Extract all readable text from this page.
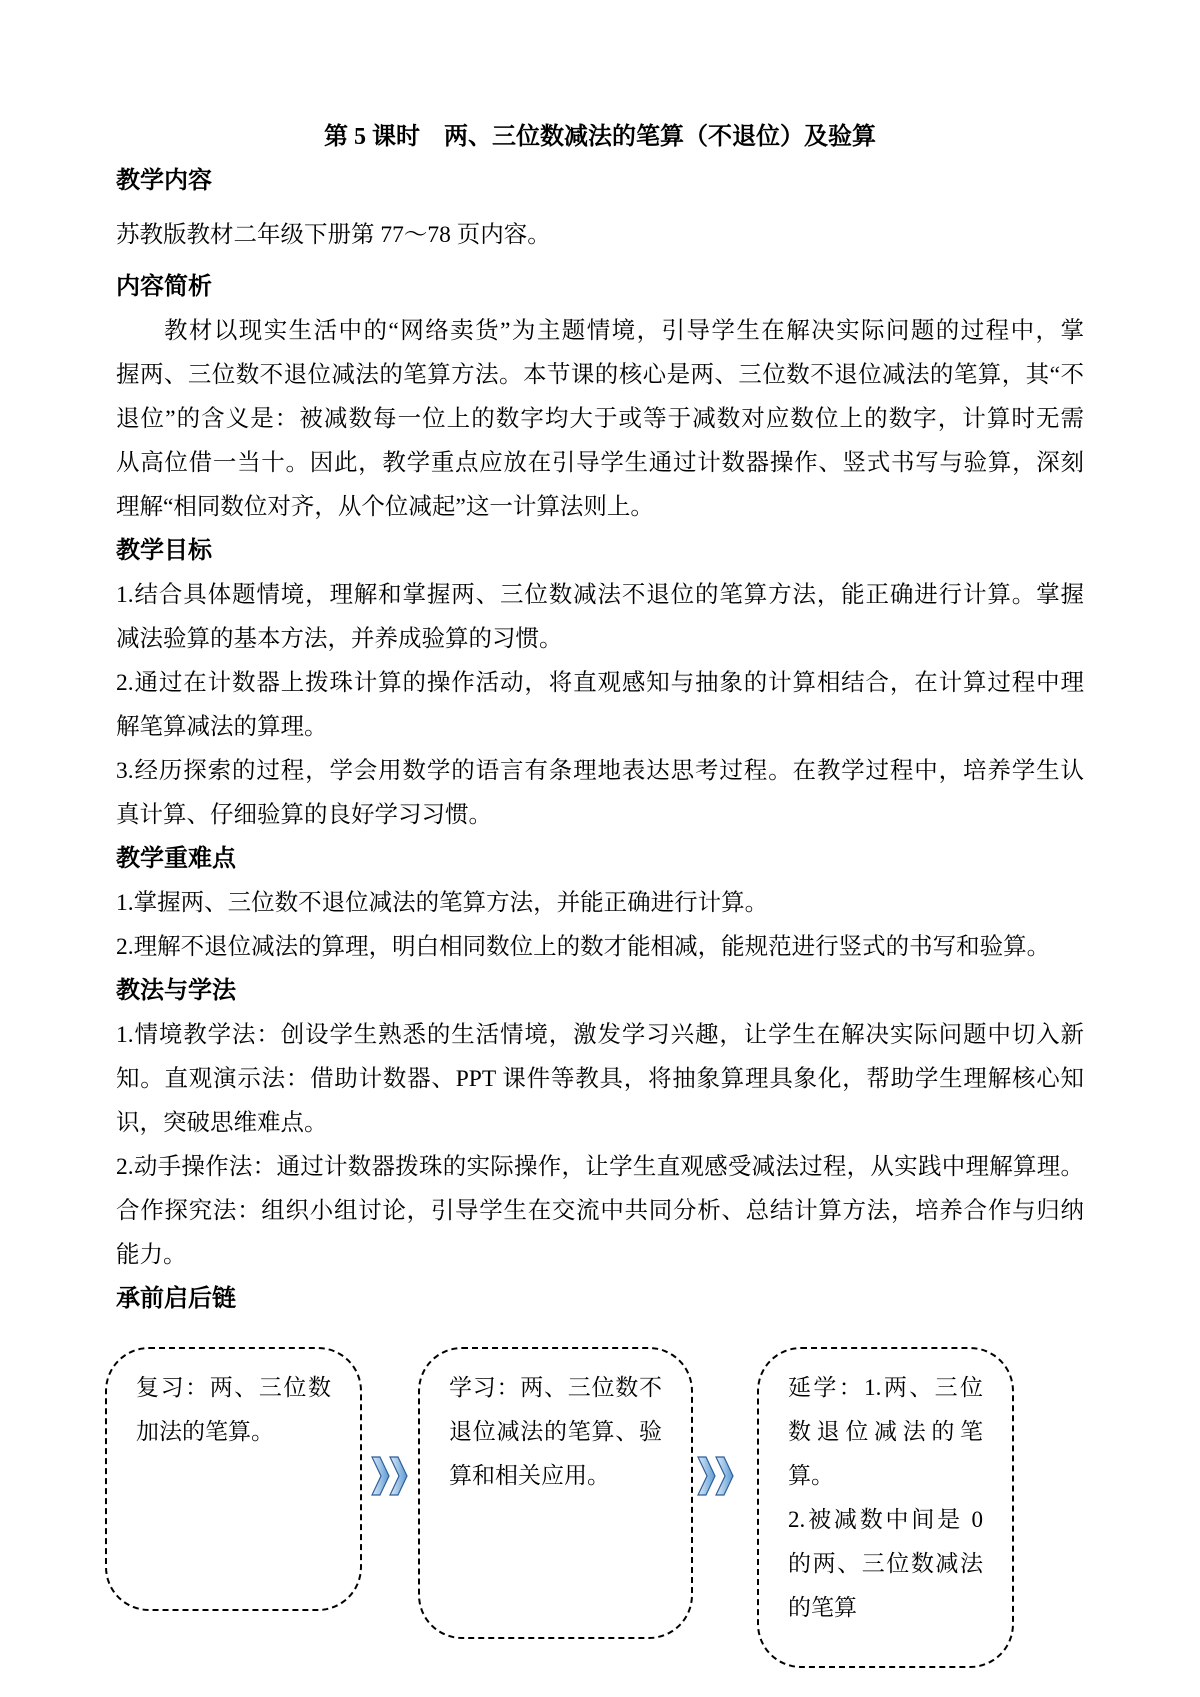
第 5 课时　两、三位数减法的笔算（不退位）及验算
教学内容
苏教版教材二年级下册第 77～78 页内容。
内容简析
教材以现实生活中的“网络卖货”为主题情境，引导学生在解决实际问题的过程中，掌
握两、三位数不退位减法的笔算方法。本节课的核心是两、三位数不退位减法的笔算，其“不
退位”的含义是：被减数每一位上的数字均大于或等于减数对应数位上的数字，计算时无需
从高位借一当十。因此，教学重点应放在引导学生通过计数器操作、竖式书写与验算，深刻
理解“相同数位对齐，从个位减起”这一计算法则上。
教学目标
1.结合具体题情境，理解和掌握两、三位数减法不退位的笔算方法，能正确进行计算。掌握
减法验算的基本方法，并养成验算的习惯。
2.通过在计数器上拨珠计算的操作活动，将直观感知与抽象的计算相结合，在计算过程中理
解笔算减法的算理。
3.经历探索的过程，学会用数学的语言有条理地表达思考过程。在教学过程中，培养学生认
真计算、仔细验算的良好学习习惯。
教学重难点
1.掌握两、三位数不退位减法的笔算方法，并能正确进行计算。
2.理解不退位减法的算理，明白相同数位上的数才能相减，能规范进行竖式的书写和验算。
教法与学法
1.情境教学法：创设学生熟悉的生活情境，激发学习兴趣，让学生在解决实际问题中切入新
知。直观演示法：借助计数器、PPT 课件等教具，将抽象算理具象化，帮助学生理解核心知
识，突破思维难点。
2.动手操作法：通过计数器拨珠的实际操作，让学生直观感受减法过程，从实践中理解算理。
合作探究法：组织小组讨论，引导学生在交流中共同分析、总结计算方法，培养合作与归纳
能力。
承前启后链
复习：两、三位数
加法的笔算。
学习：两、三位数不
退位减法的笔算、验
算和相关应用。
延学：1.两、三位
数退位减法的笔
算。
2.被减数中间是 0
的两、三位数减法
的笔算
